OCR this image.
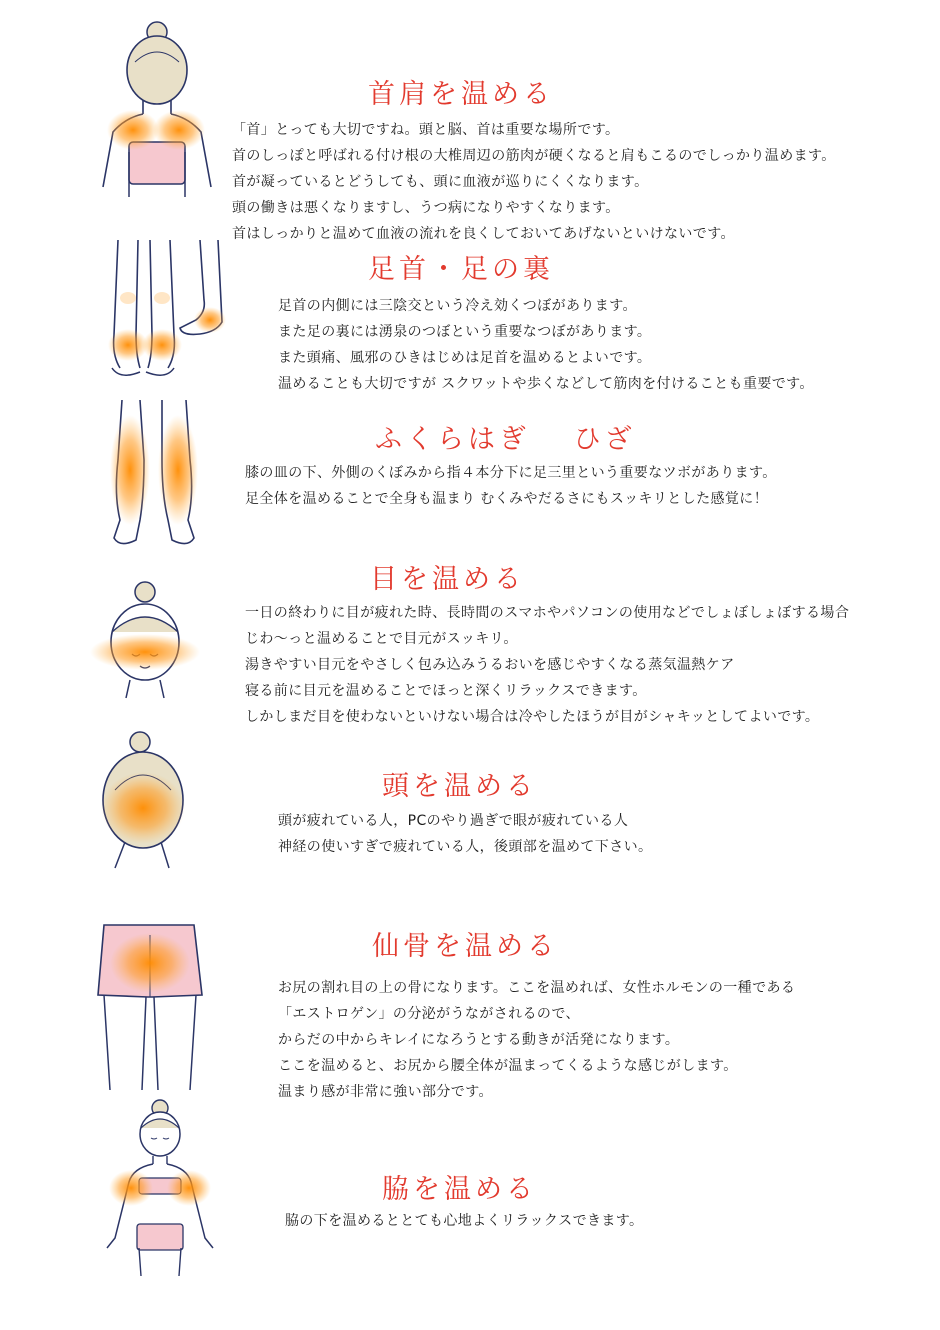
首肩を温める
「首」とっても大切ですね。頭と脳、首は重要な場所です。
首のしっぽと呼ばれる付け根の大椎周辺の筋肉が硬くなると肩もこるのでしっかり温めます。
首が凝っているとどうしても、頭に血液が巡りにくくなります。
頭の働きは悪くなりますし、うつ病になりやすくなります。
首はしっかりと温めて血液の流れを良くしておいてあげないといけないです。
足首・足の裏
足首の内側には三陰交という冷え効くつぼがあります。
また足の裏には湧泉のつぼという重要なつぼがあります。
また頭痛、風邪のひきはじめは足首を温めるとよいです。
温めることも大切ですが スクワットや歩くなどして筋肉を付けることも重要です。
ふくらはぎ　 ひざ
膝の皿の下、外側のくぼみから指４本分下に足三里という重要なツボがあります。
足全体を温めることで全身も温まり むくみやだるさにもスッキリとした感覚に！
目を温める
一日の終わりに目が疲れた時、長時間のスマホやパソコンの使用などでしょぼしょぼする場合
じわ〜っと温めることで目元がスッキリ。
湯きやすい目元をやさしく包み込みうるおいを感じやすくなる蒸気温熱ケア
寝る前に目元を温めることでほっと深くリラックスできます。
しかしまだ目を使わないといけない場合は冷やしたほうが目がシャキッとしてよいです。
頭を温める
頭が疲れている人，PCのやり過ぎで眼が疲れている人
神経の使いすぎで疲れている人，後頭部を温めて下さい。
仙骨を温める
お尻の割れ目の上の骨になります。ここを温めれば、女性ホルモンの一種である
「エストロゲン」の分泌がうながされるので、
からだの中からキレイになろうとする動きが活発になります。
ここを温めると、お尻から腰全体が温まってくるような感じがします。
温まり感が非常に強い部分です。
脇を温める
脇の下を温めるととても心地よくリラックスできます。
